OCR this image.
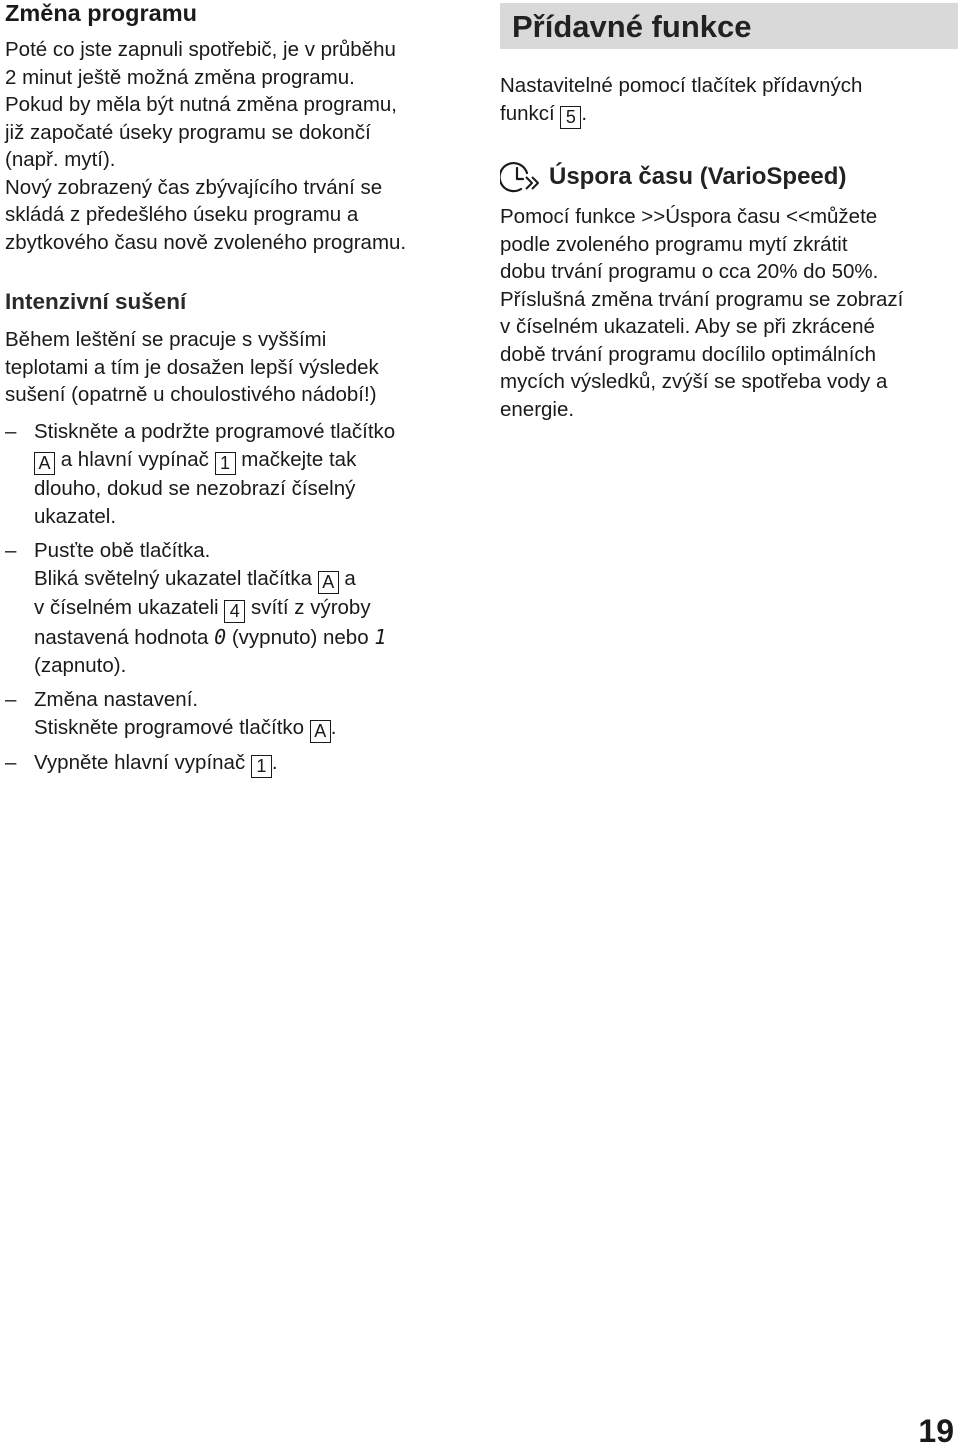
Změna programu

Poté co jste zapnuli spotřebič, je v průběhu
2 minut ještě možná změna programu.
Pokud by měla být nutná změna programu,
již započaté úseky programu se dokončí
(např. mytí).
Nový zobrazený čas zbývajícího trvání se
skládá z předešlého úseku programu a
zbytkového času nově zvoleného programu.

Intenzivní sušení

Během leštění se pracuje s vyššími
teplotami a tím je dosažen lepší výsledek
sušení (opatrně u choulostivého nádobí!)

– Stiskněte a podržte programové tlačítko
A a hlavní vypínač 1 mačkejte tak
dlouho, dokud se nezobrazí číselný
ukazatel.
– Pusťte obě tlačítka.
Bliká světelný ukazatel tlačítka A a
v číselném ukazateli 4 svítí z výroby
nastavená hodnota 0 (vypnuto) nebo 1
(zapnuto).
– Změna nastavení.
Stiskněte programové tlačítko A .
– Vypněte hlavní vypínač 1 .
Přídavné funkce

Nastavitelné pomocí tlačítek přídavných
funkcí 5 .

Úspora času (VarioSpeed)

Pomocí funkce >>Úspora času <<můžete
podle zvoleného programu mytí zkrátit
dobu trvání programu o cca 20% do 50%.
Příslušná změna trvání programu se zobrazí
v číselném ukazateli. Aby se při zkrácené
době trvání programu docílilo optimálních
mycích výsledků, zvýší se spotřeba vody a
energie.

19
